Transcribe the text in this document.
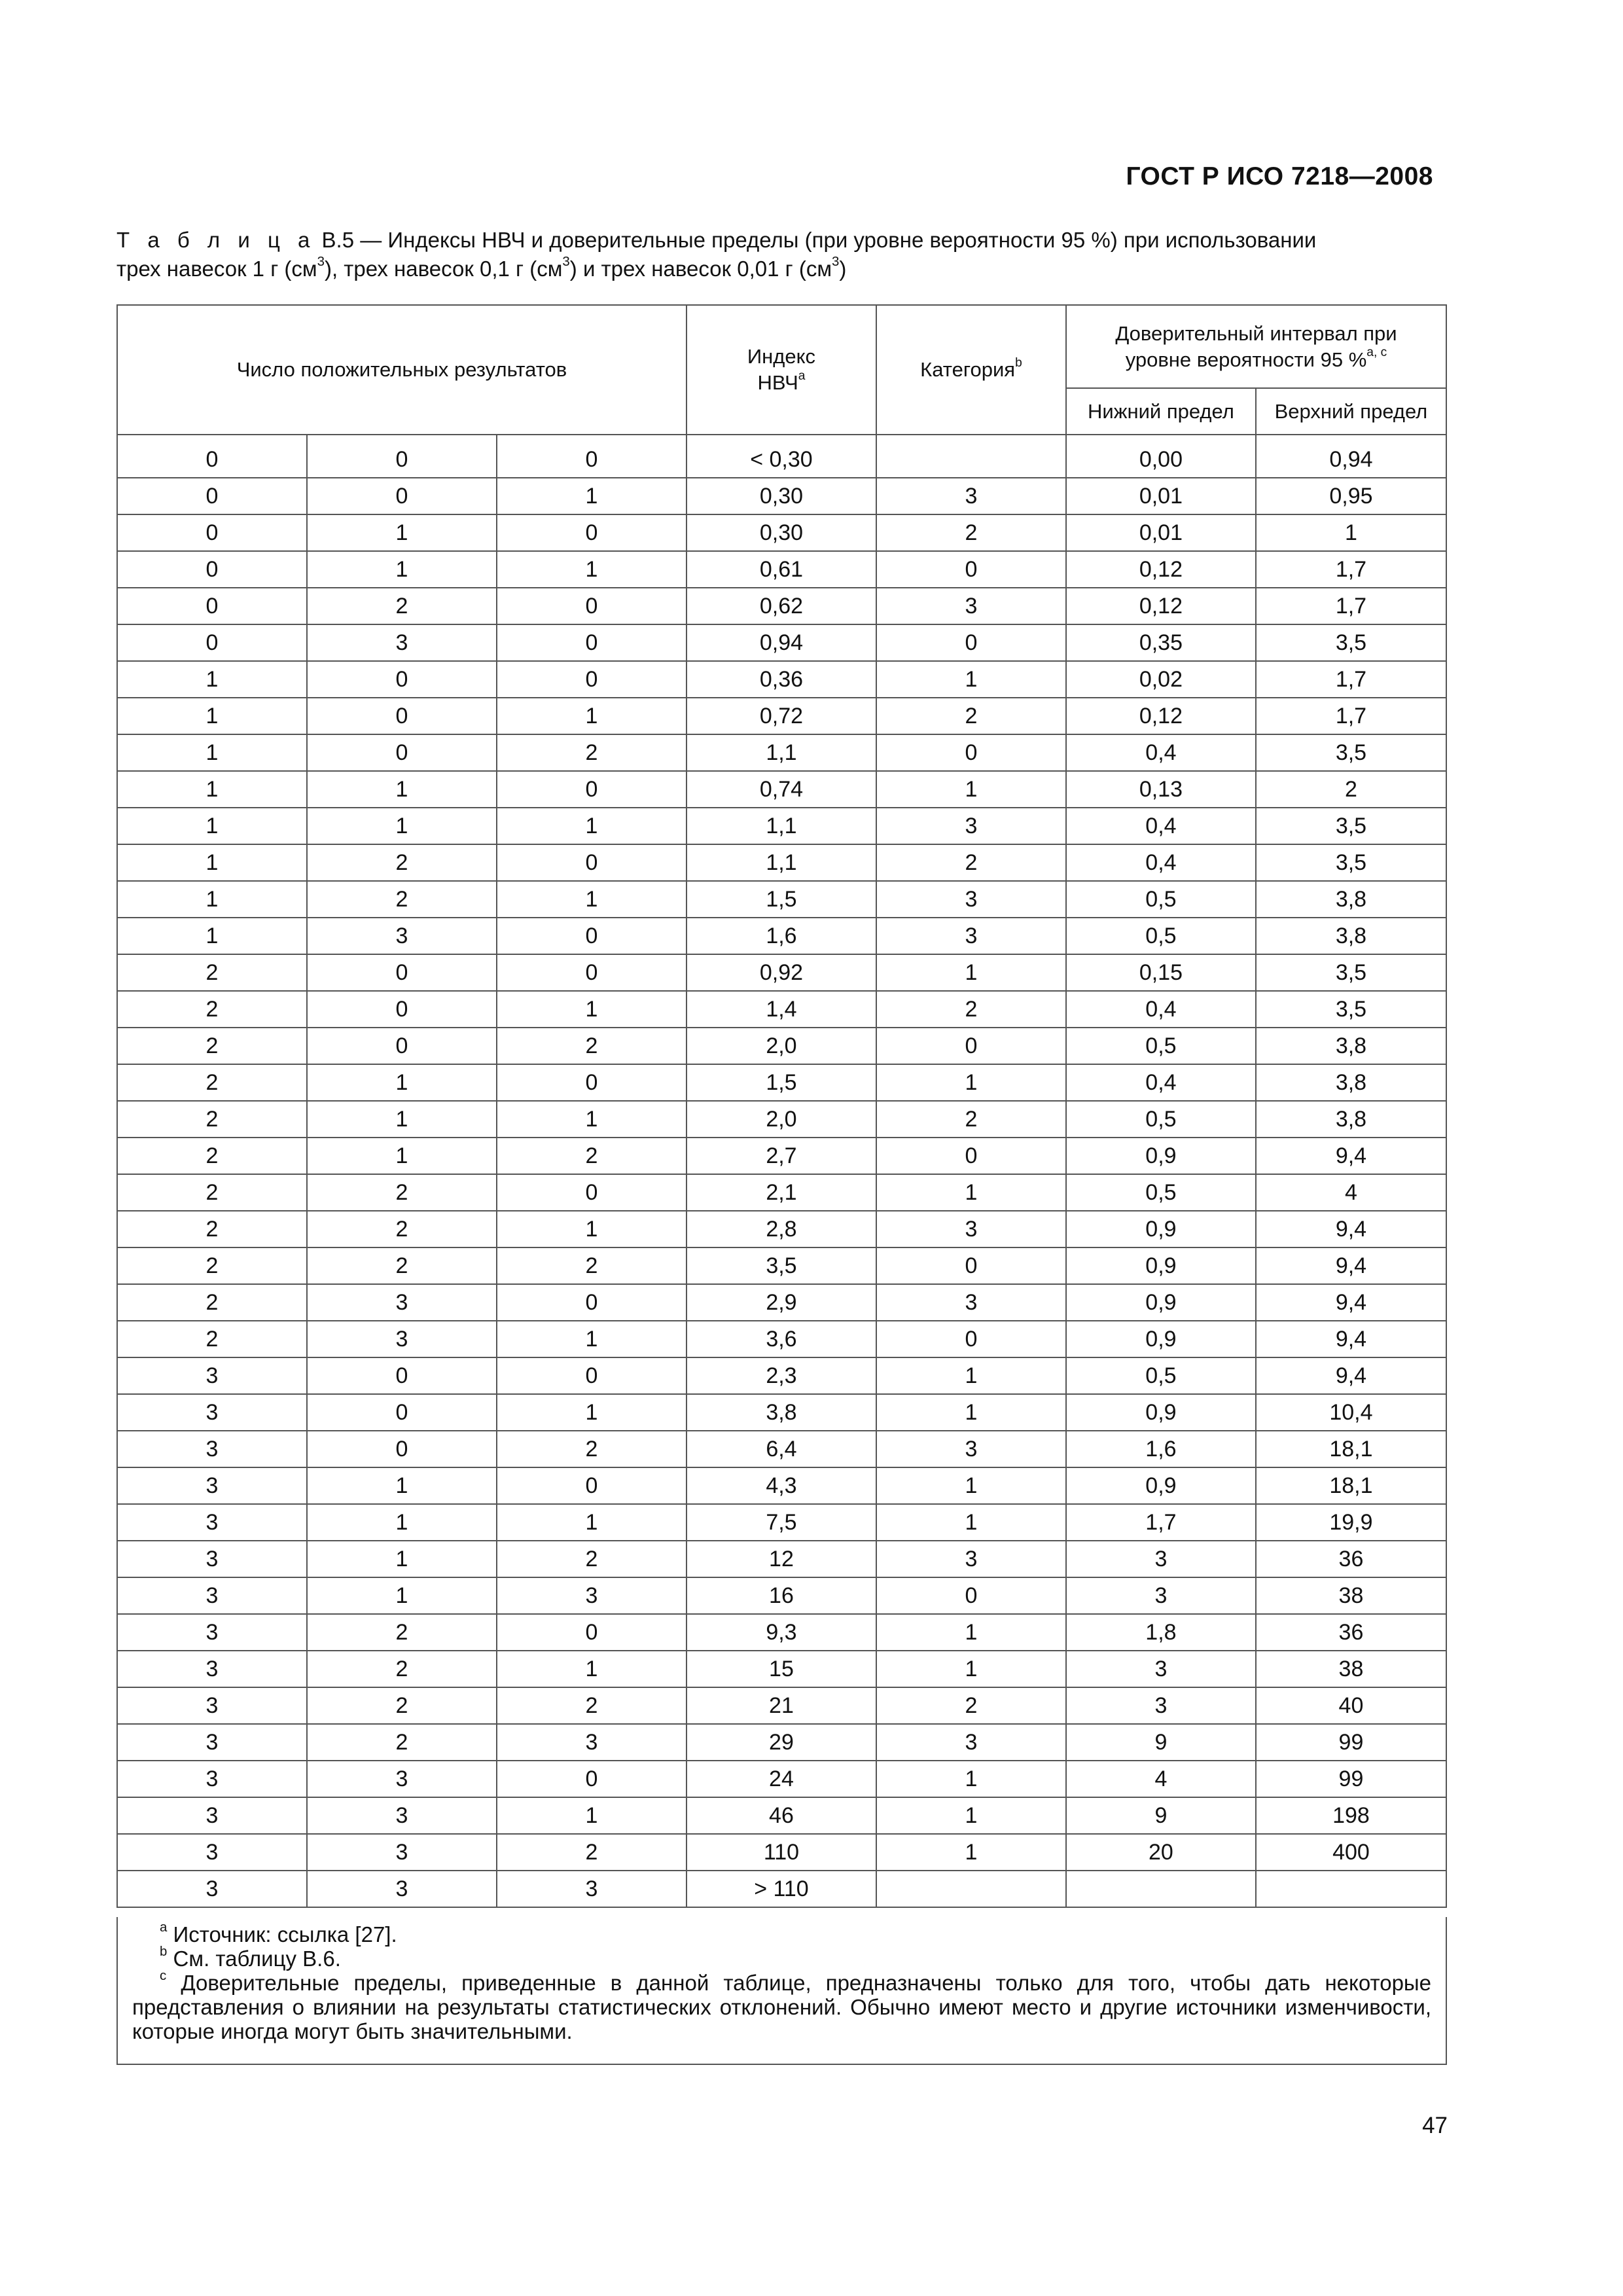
ГОСТ Р ИСО 7218—2008
Т а б л и ц а В.5 — Индексы НВЧ и доверительные пределы (при уровне вероятности 95 %) при использовании
трех навесок 1 г $(см^3)$, трех навесок 0,1 г $(см^3)$ и трех навесок 0,01 г $(см^3)$
Число положительных результатов			Индекс
НВЧ$^a$	Категория$^b$	Доверительный интервал при
уровне вероятности 95 %$^{a, c}$
					Нижний предел	Верхний предел
0	0	0	< 0,30		0,00	0,94
0	0	1	0,30	3	0,01	0,95
0	1	0	0,30	2	0,01	1
0	1	1	0,61	0	0,12	1,7
0	2	0	0,62	3	0,12	1,7
0	3	0	0,94	0	0,35	3,5
1	0	0	0,36	1	0,02	1,7
1	0	1	0,72	2	0,12	1,7
1	0	2	1,1	0	0,4	3,5
1	1	0	0,74	1	0,13	2
1	1	1	1,1	3	0,4	3,5
1	2	0	1,1	2	0,4	3,5
1	2	1	1,5	3	0,5	3,8
1	3	0	1,6	3	0,5	3,8
2	0	0	0,92	1	0,15	3,5
2	0	1	1,4	2	0,4	3,5
2	0	2	2,0	0	0,5	3,8
2	1	0	1,5	1	0,4	3,8
2	1	1	2,0	2	0,5	3,8
2	1	2	2,7	0	0,9	9,4
2	2	0	2,1	1	0,5	4
2	2	1	2,8	3	0,9	9,4
2	2	2	3,5	0	0,9	9,4
2	3	0	2,9	3	0,9	9,4
2	3	1	3,6	0	0,9	9,4
3	0	0	2,3	1	0,5	9,4
3	0	1	3,8	1	0,9	10,4
3	0	2	6,4	3	1,6	18,1
3	1	0	4,3	1	0,9	18,1
3	1	1	7,5	1	1,7	19,9
3	1	2	12	3	3	36
3	1	3	16	0	3	38
3	2	0	9,3	1	1,8	36
3	2	1	15	1	3	38
3	2	2	21	2	3	40
3	2	3	29	3	9	99
3	3	0	24	1	4	99
3	3	1	46	1	9	198
3	3	2	110	1	20	400
3	3	3	> 110			

$^a$ Источник: ссылка [27].

$^b$ См. таблицу В.6.

$^c$ Доверительные пределы, приведенные в данной таблице, предназначены только для того, чтобы дать некоторые представления о влиянии на результаты статистических отклонений. Обычно имеют место и другие источники изменчивости, которые иногда могут быть значительными.

47
